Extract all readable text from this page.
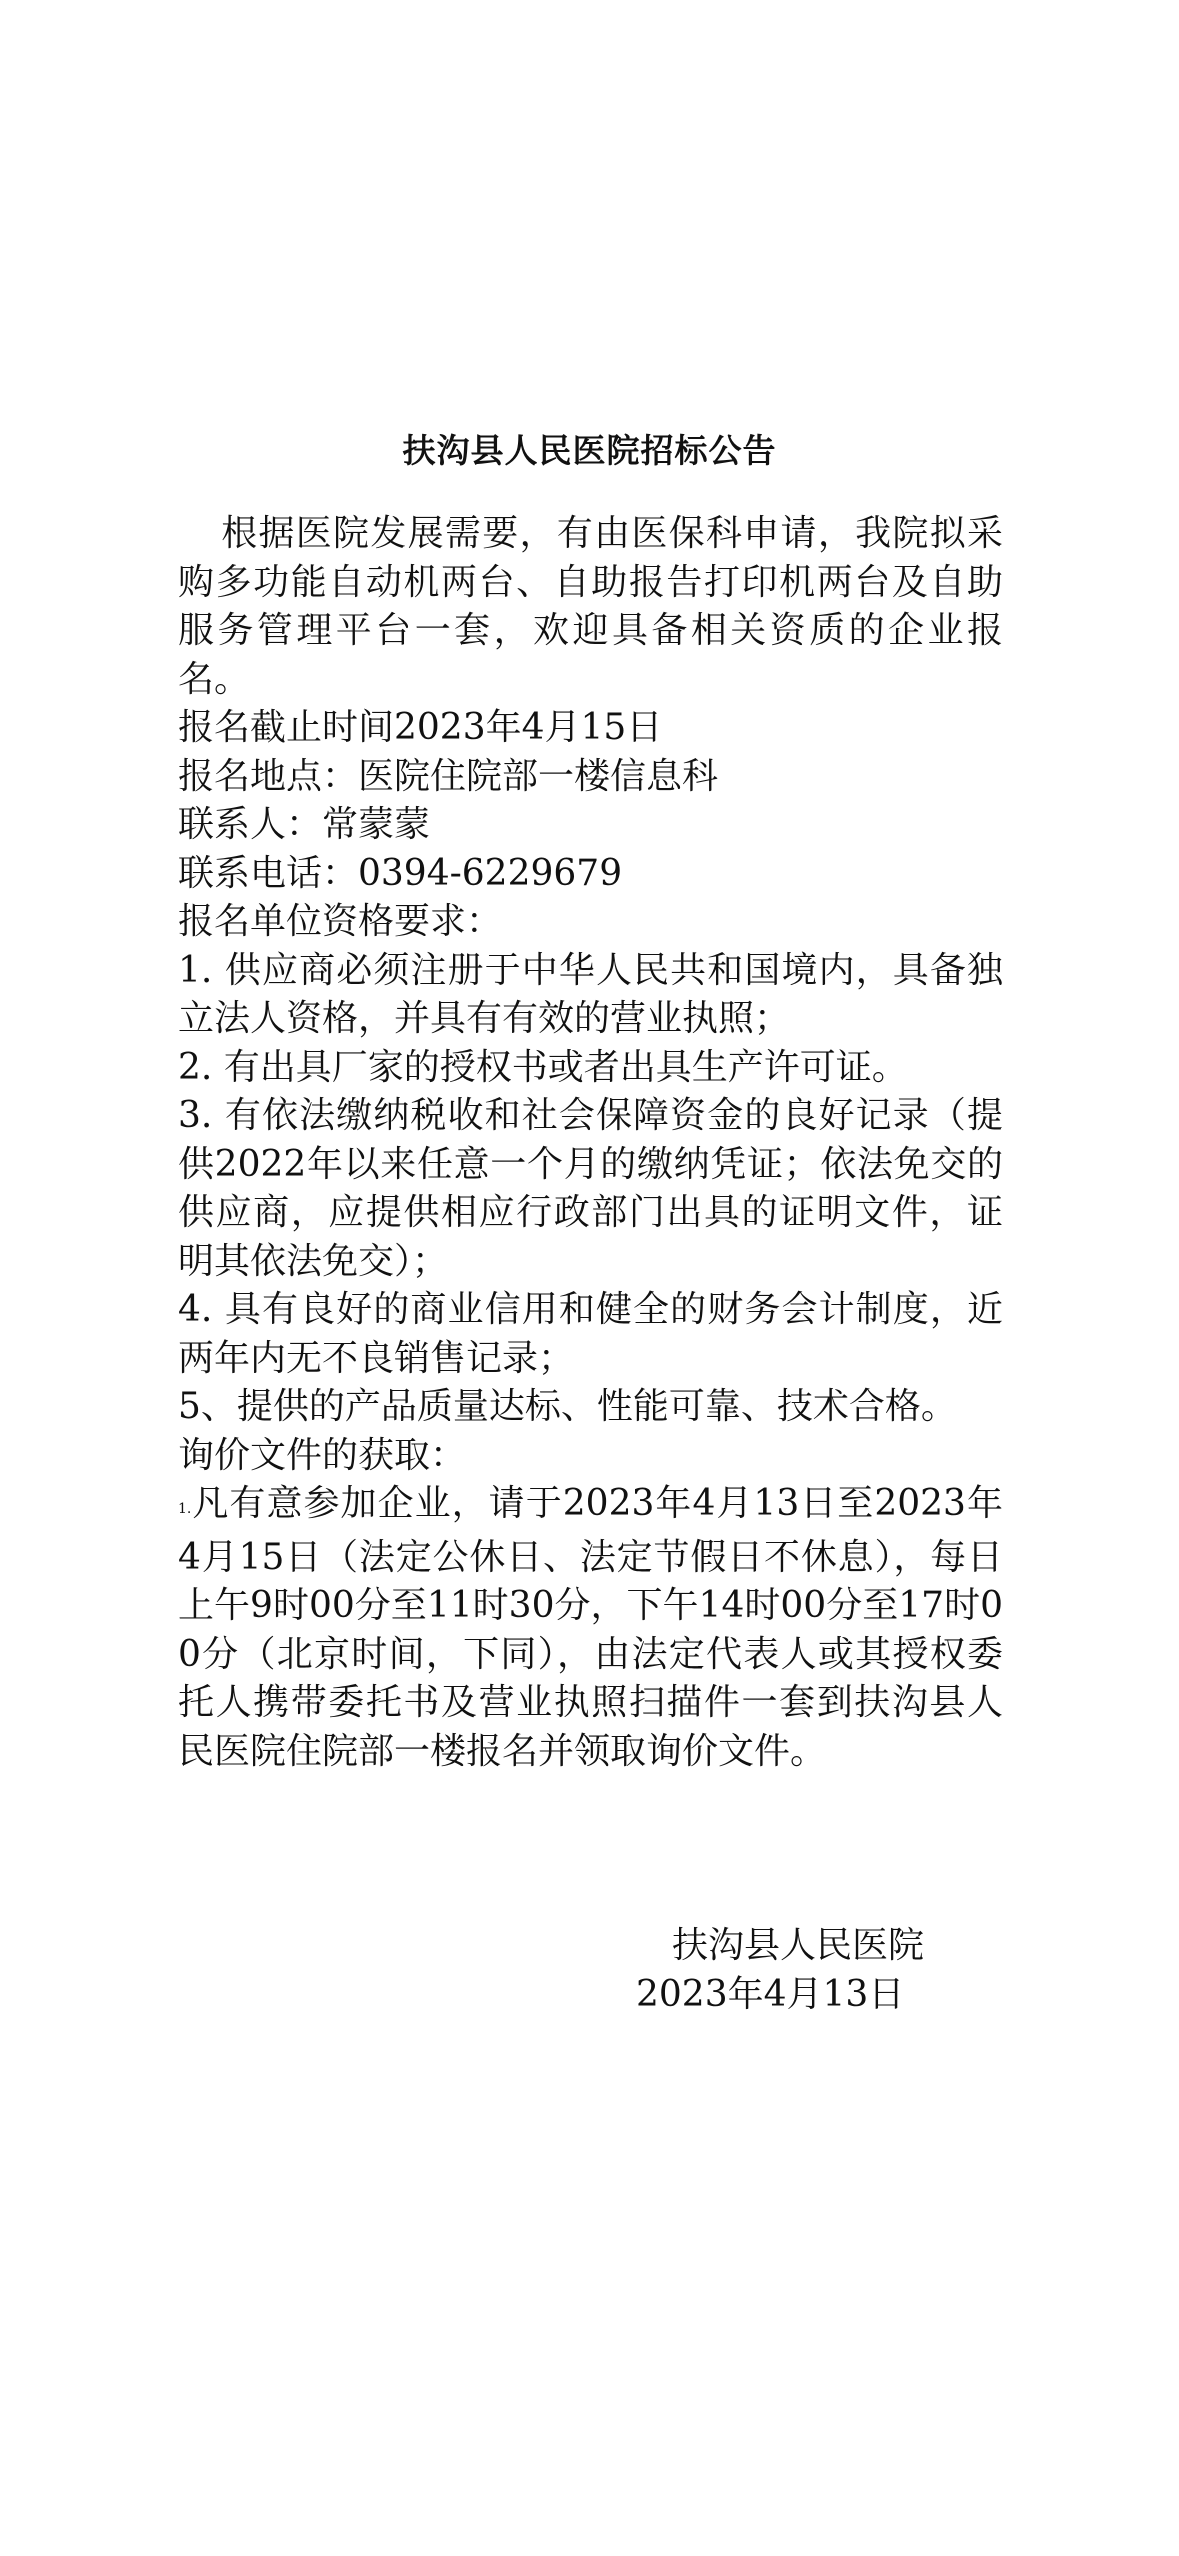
扶沟县人民医院招标公告

根据医院发展需要，有由医保科申请，我院拟采购多功能自动机两台、自助报告打印机两台及自助服务管理平台一套，欢迎具备相关资质的企业报名。

报名截止时间2023年4月15日

报名地点：医院住院部一楼信息科

联系人：常蒙蒙

联系电话：0394-6229679

报名单位资格要求：

1. 供应商必须注册于中华人民共和国境内，具备独立法人资格，并具有有效的营业执照；

2. 有出具厂家的授权书或者出具生产许可证。

3. 有依法缴纳税收和社会保障资金的良好记录（提供2022年以来任意一个月的缴纳凭证；依法免交的供应商，应提供相应行政部门出具的证明文件，证明其依法免交）；

4. 具有良好的商业信用和健全的财务会计制度，近两年内无不良销售记录；

5、提供的产品质量达标、性能可靠、技术合格。

询价文件的获取：

1.凡有意参加企业，请于2023年4月13日至2023年4月15日（法定公休日、法定节假日不休息），每日上午9时00分至11时30分，下午14时00分至17时00分（北京时间，下同），由法定代表人或其授权委托人携带委托书及营业执照扫描件一套到扶沟县人民医院住院部一楼报名并领取询价文件。

扶沟县人民医院
2023年4月13日
